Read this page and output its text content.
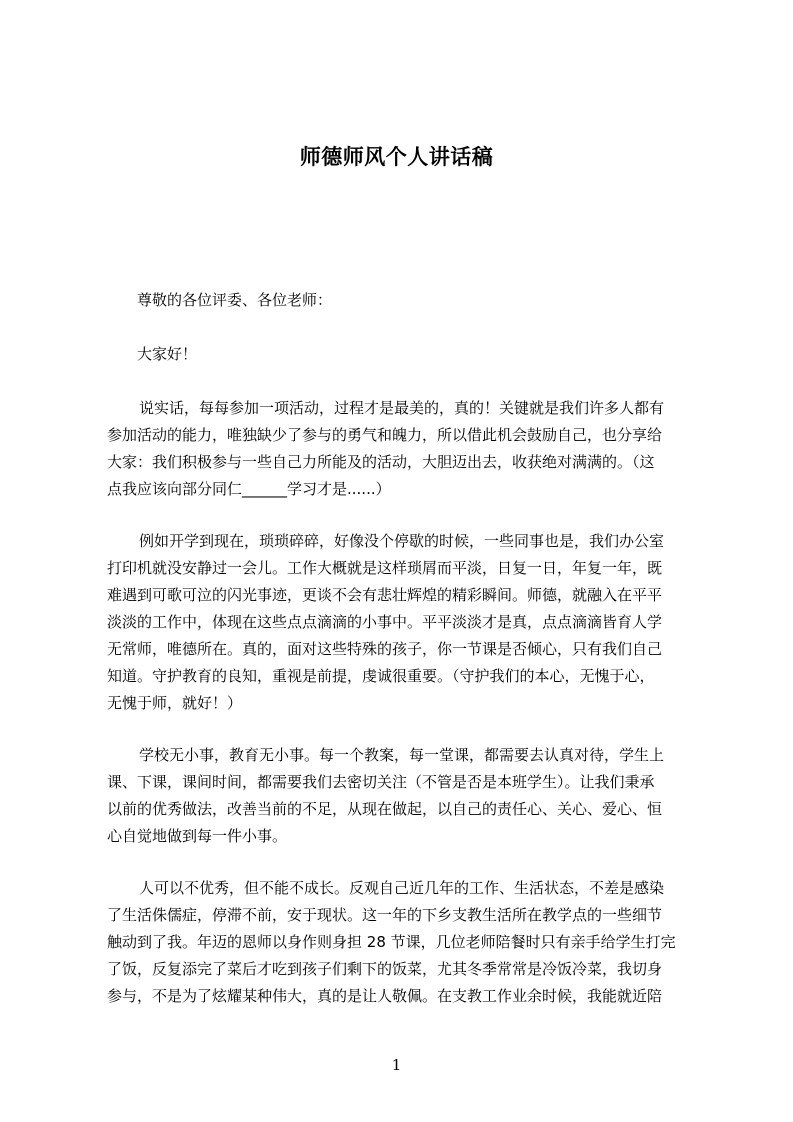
师德师风个人讲话稿
尊敬的各位评委、各位老师：
大家好！
说实话，每每参加一项活动，过程才是最美的，真的！关键就是我们许多人都有
参加活动的能力，唯独缺少了参与的勇气和魄力，所以借此机会鼓励自己，也分享给
大家：我们积极参与一些自己力所能及的活动，大胆迈出去，收获绝对满满的。（这
点我应该向部分同仁______学习才是......）
例如开学到现在，琐琐碎碎，好像没个停歇的时候，一些同事也是，我们办公室
打印机就没安静过一会儿。工作大概就是这样琐屑而平淡，日复一日，年复一年，既
难遇到可歌可泣的闪光事迹，更谈不会有悲壮辉煌的精彩瞬间。师德，就融入在平平
淡淡的工作中，体现在这些点点滴滴的小事中。平平淡淡才是真，点点滴滴皆育人学
无常师，唯德所在。真的，面对这些特殊的孩子，你一节课是否倾心，只有我们自己
知道。守护教育的良知，重视是前提，虔诚很重要。（守护我们的本心，无愧于心，
无愧于师，就好！）
学校无小事，教育无小事。每一个教案，每一堂课，都需要去认真对待，学生上
课、下课，课间时间，都需要我们去密切关注（不管是否是本班学生）。让我们秉承
以前的优秀做法，改善当前的不足，从现在做起，以自己的责任心、关心、爱心、恒
心自觉地做到每一件小事。
人可以不优秀，但不能不成长。反观自己近几年的工作、生活状态，不差是感染
了生活侏儒症，停滞不前，安于现状。这一年的下乡支教生活所在教学点的一些细节
触动到了我。年迈的恩师以身作则身担 28 节课，几位老师陪餐时只有亲手给学生打完
了饭，反复添完了菜后才吃到孩子们剩下的饭菜，尤其冬季常常是冷饭冷菜，我切身
参与，不是为了炫耀某种伟大，真的是让人敬佩。在支教工作业余时候，我能就近陪
1
